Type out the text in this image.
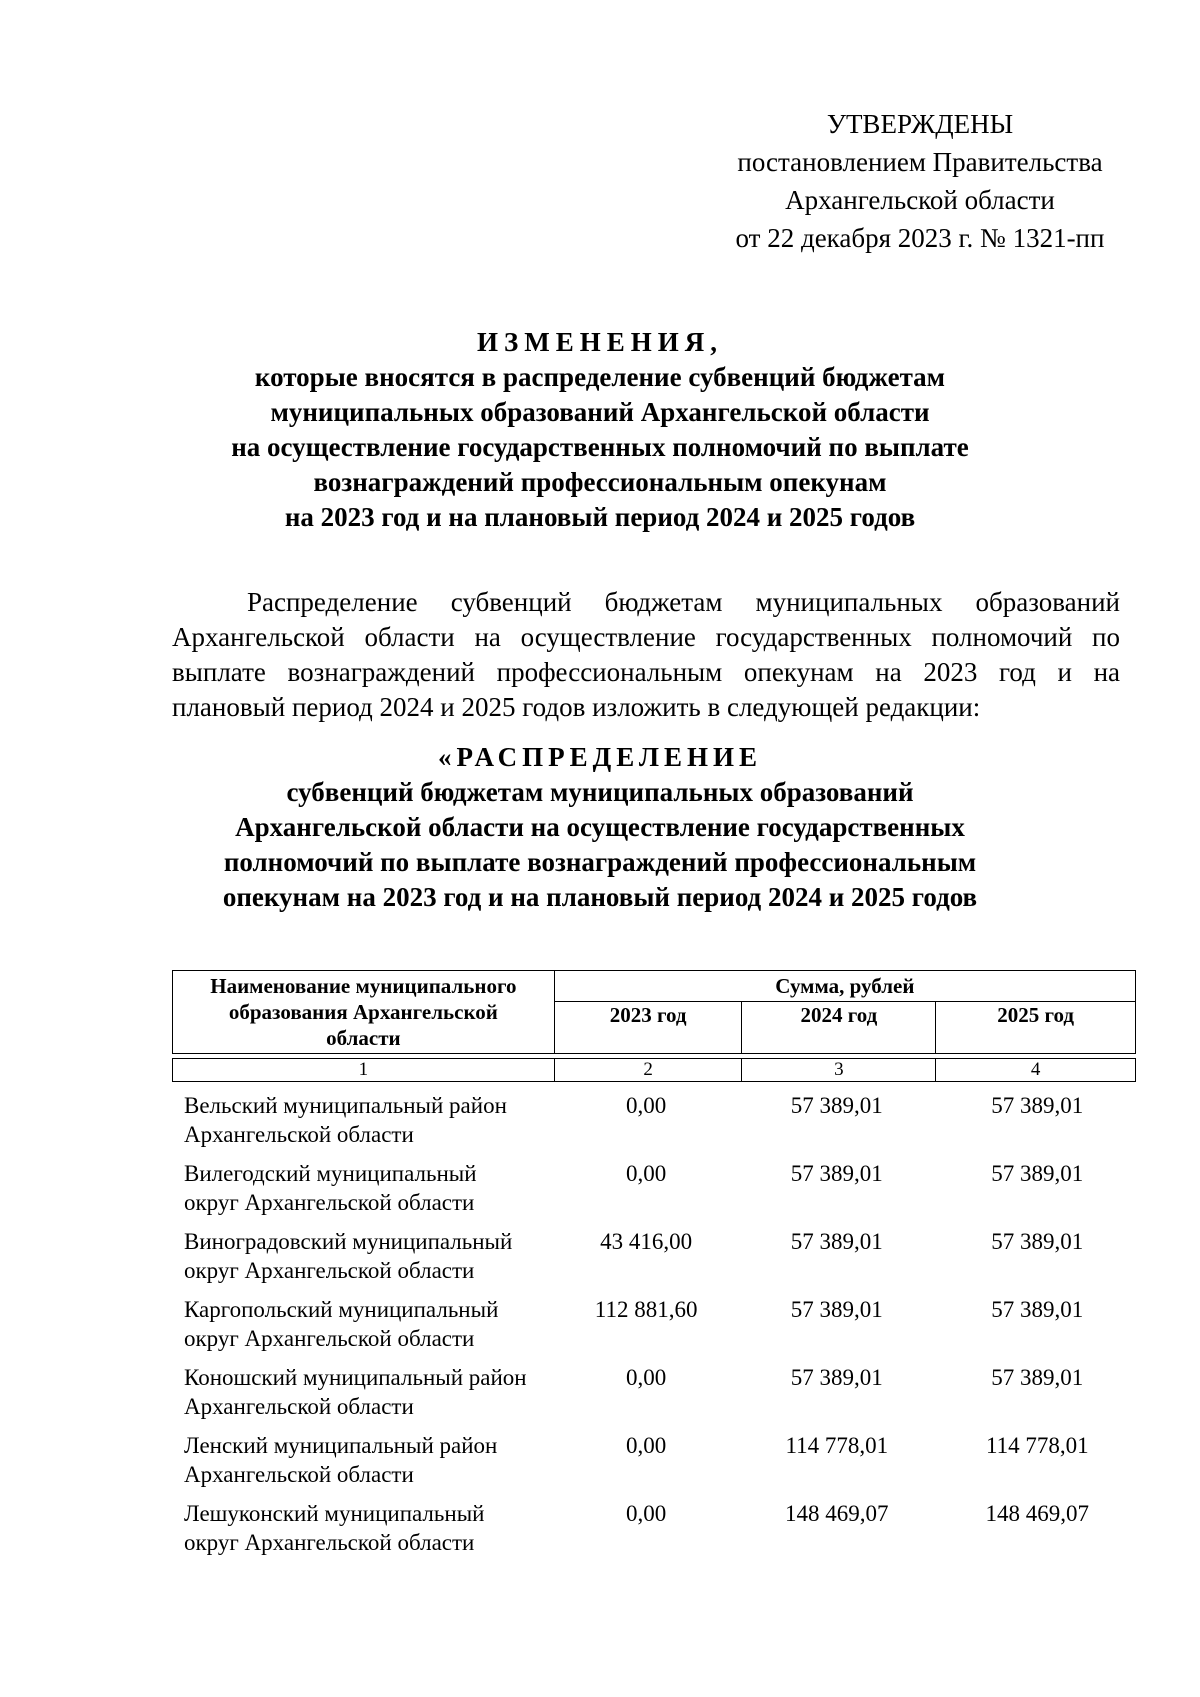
УТВЕРЖДЕНЫ
постановлением Правительства
Архангельской области
от 22 декабря 2023 г. № 1321-пп
ИЗМЕНЕНИЯ,
которые вносятся в распределение субвенций бюджетам
муниципальных образований Архангельской области
на осуществление государственных полномочий по выплате
вознаграждений профессиональным опекунам
на 2023 год и на плановый период 2024 и 2025 годов
Распределение субвенций бюджетам муниципальных образований Архангельской области на осуществление государственных полномочий по выплате вознаграждений профессиональным опекунам на 2023 год и на плановый период 2024 и 2025 годов изложить в следующей редакции:
«РАСПРЕДЕЛЕНИЕ
субвенций бюджетам муниципальных образований
Архангельской области на осуществление государственных
полномочий по выплате вознаграждений профессиональным
опекунам на 2023 год и на плановый период 2024 и 2025 годов
Наименование муниципального образования Архангельской области	Сумма, рублей		
	2023 год	2024 год	2025 год

1	2	3	4
Вельский муниципальный район
Архангельской области
0,00	57 389,01	57 389,01
Вилегодский муниципальный
округ Архангельской области
0,00	57 389,01	57 389,01
Виноградовский муниципальный
округ Архангельской области
43 416,00	57 389,01	57 389,01
Каргопольский муниципальный
округ Архангельской области
112 881,60	57 389,01	57 389,01
Коношский муниципальный район
Архангельской области
0,00	57 389,01	57 389,01
Ленский муниципальный район
Архангельской области
0,00	114 778,01	114 778,01
Лешуконский муниципальный
округ Архангельской области
0,00	148 469,07	148 469,07
